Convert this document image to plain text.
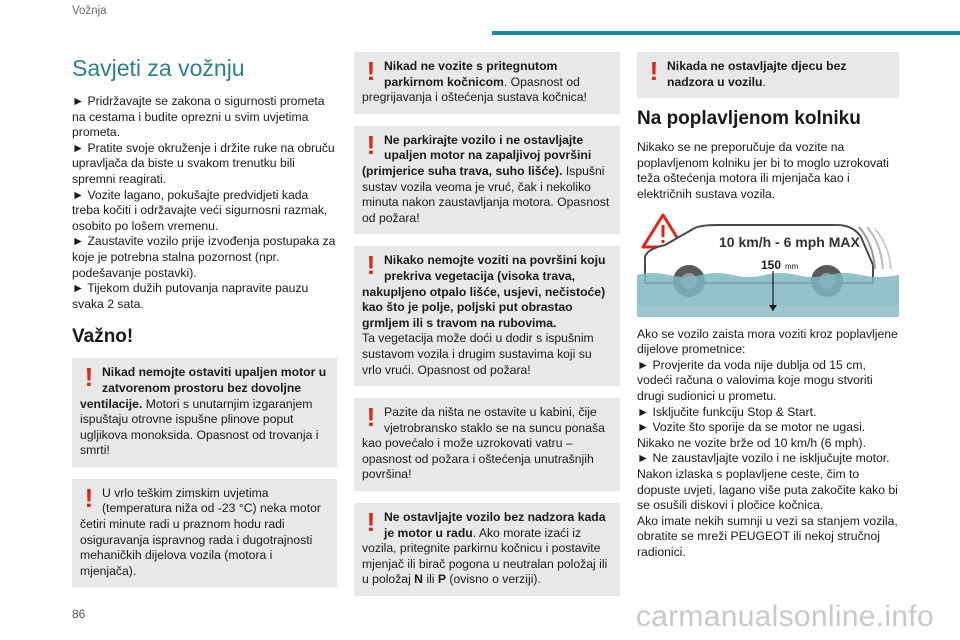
Vožnja
Savjeti za vožnju

► Pridržavajte se zakona o sigurnosti prometa na cestama i budite oprezni u svim uvjetima prometa.

► Pratite svoje okruženje i držite ruke na obruču upravljača da biste u svakom trenutku bili spremni reagirati.

► Vozite lagano, pokušajte predvidjeti kada treba kočiti i održavajte veći sigurnosni razmak, osobito po lošem vremenu.

► Zaustavite vozilo prije izvođenja postupaka za koje je potrebna stalna pozornost (npr. podešavanje postavki).

► Tijekom dužih putovanja napravite pauzu svaka 2 sata.

Važno!
! Nikad nemojte ostaviti upaljen motor u zatvorenom prostoru bez dovoljne ventilacije. Motori s unutarnjim izgaranjem ispuštaju otrovne ispušne plinove poput ugljikova monoksida. Opasnost od trovanja i smrti!
! U vrlo teškim zimskim uvjetima (temperatura niža od -23 °C) neka motor četiri minute radi u praznom hodu radi osiguravanja ispravnog rada i dugotrajnosti mehaničkih dijelova vozila (motora i mjenjača).
! Nikad ne vozite s pritegnutom parkirnom kočnicom. Opasnost od pregrijavanja i oštećenja sustava kočnica!
! Ne parkirajte vozilo i ne ostavljajte upaljen motor na zapaljivoj površini (primjerice suha trava, suho lišće). Ispušni sustav vozila veoma je vruć, čak i nekoliko minuta nakon zaustavljanja motora. Opasnost od požara!
! Nikako nemojte voziti na površini koju prekriva vegetacija (visoka trava, nakupljeno otpalo lišće, usjevi, nečistoće) kao što je polje, poljski put obrastao grmljem ili s travom na rubovima.
Ta vegetacija može doći u dodir s ispušnim sustavom vozila i drugim sustavima koji su vrlo vrući. Opasnost od požara!
! Pazite da ništa ne ostavite u kabini, čije vjetrobransko staklo se na suncu ponaša kao povećalo i može uzrokovati vatru – opasnost od požara i oštećenja unutrašnjih površina!
! Ne ostavljajte vozilo bez nadzora kada je motor u radu. Ako morate izaći iz vozila, pritegnite parkirnu kočnicu i postavite mjenjač ili birač pogona u neutralan položaj ili u položaj N ili P (ovisno o verziji).
! Nikada ne ostavljajte djecu bez nadzora u vozilu.
Na poplavljenom kolniku

Nikako se ne preporučuje da vozite na poplavljenom kolniku jer bi to moglo uzrokovati teža oštećenja motora ili mjenjača kao i električnih sustava vozila.

10 km/h - 6 mph MAX
150 mm

Ako se vozilo zaista mora voziti kroz poplavljene dijelove prometnice:

► Provjerite da voda nije dublja od 15 cm, vodeći računa o valovima koje mogu stvoriti drugi sudionici u prometu.

► Isključite funkciju Stop & Start.

► Vozite što sporije da se motor ne ugasi. Nikako ne vozite brže od 10 km/h (6 mph).

► Ne zaustavljajte vozilo i ne isključujte motor.

Nakon izlaska s poplavljene ceste, čim to dopuste uvjeti, lagano više puta zakočite kako bi se osušili diskovi i pločice kočnica.

Ako imate nekih sumnji u vezi sa stanjem vozila, obratite se mreži PEUGEOT ili nekoj stručnoj radionici.

86	carmanualsonline.info
